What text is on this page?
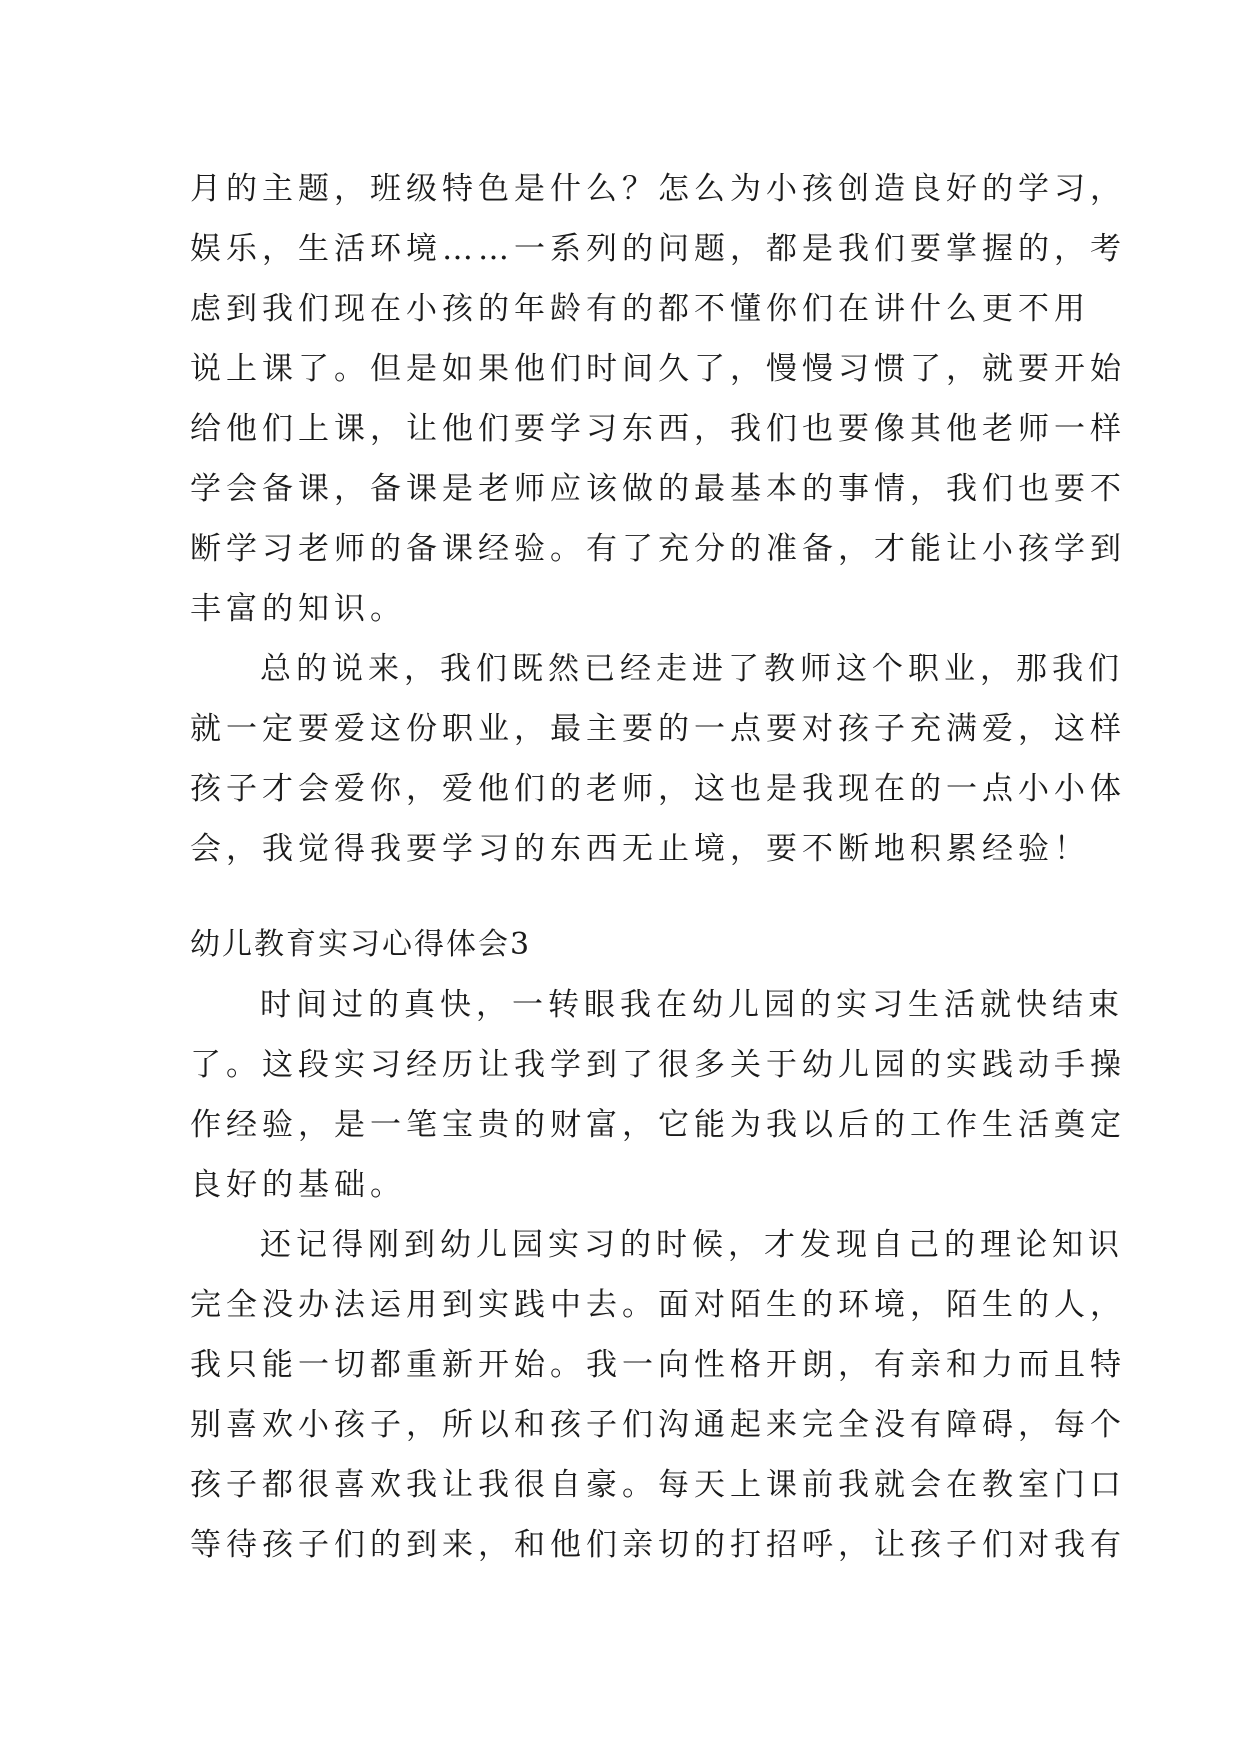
月的主题，班级特色是什么？怎么为小孩创造良好的学习，
娱乐，生活环境……一系列的问题，都是我们要掌握的，考
虑到我们现在小孩的年龄有的都不懂你们在讲什么更不用
说上课了。但是如果他们时间久了，慢慢习惯了，就要开始
给他们上课，让他们要学习东西，我们也要像其他老师一样
学会备课，备课是老师应该做的最基本的事情，我们也要不
断学习老师的备课经验。有了充分的准备，才能让小孩学到
丰富的知识。
总的说来，我们既然已经走进了教师这个职业，那我们
就一定要爱这份职业，最主要的一点要对孩子充满爱，这样
孩子才会爱你，爱他们的老师，这也是我现在的一点小小体
会，我觉得我要学习的东西无止境，要不断地积累经验！
幼儿教育实习心得体会3
时间过的真快，一转眼我在幼儿园的实习生活就快结束
了。这段实习经历让我学到了很多关于幼儿园的实践动手操
作经验，是一笔宝贵的财富，它能为我以后的工作生活奠定
良好的基础。
还记得刚到幼儿园实习的时候，才发现自己的理论知识
完全没办法运用到实践中去。面对陌生的环境，陌生的人，
我只能一切都重新开始。我一向性格开朗，有亲和力而且特
别喜欢小孩子，所以和孩子们沟通起来完全没有障碍，每个
孩子都很喜欢我让我很自豪。每天上课前我就会在教室门口
等待孩子们的到来，和他们亲切的打招呼，让孩子们对我有
